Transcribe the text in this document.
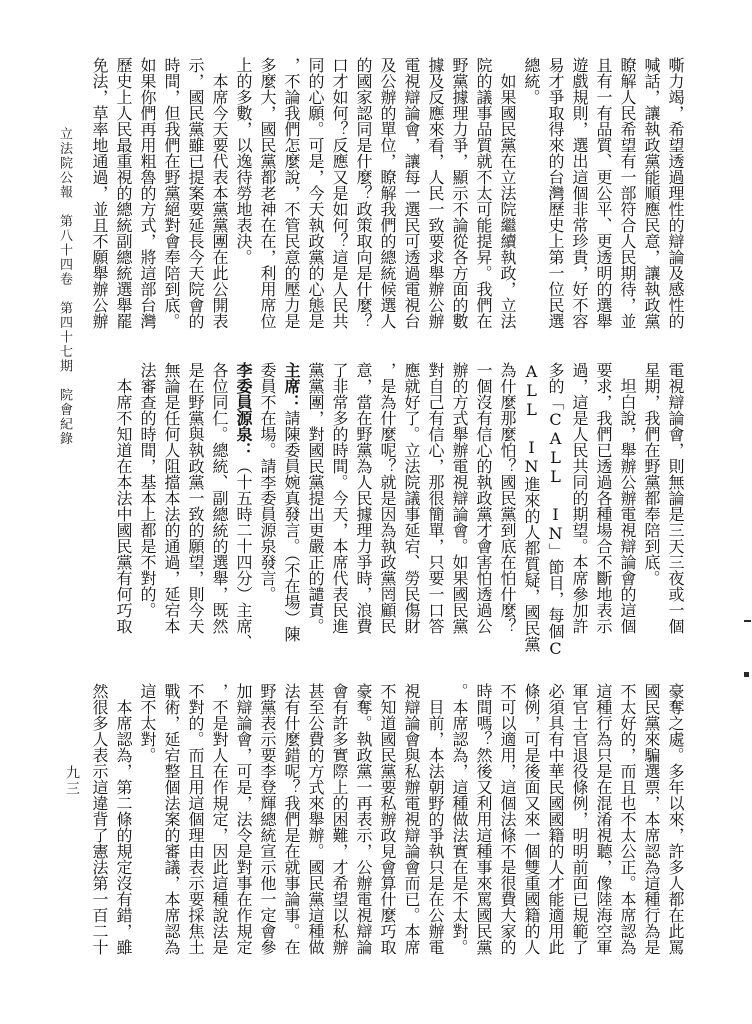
立法院公報　第八十四卷　第四十七期　院會紀錄	嘶力竭，希望透過理性的辯論及感性的
喊話，讓執政黨能順應民意，讓執政黨
瞭解人民希望有一部符合人民期待，並
且有一有品質、更公平、更透明的選舉
遊戲規則，選出這個非常珍貴，好不容
易才爭取得來的台灣歷史上第一位民選
總統。
　如果國民黨在立法院繼續執政，立法
院的議事品質就不太可能提昇。我們在
野黨據理力爭，顯示不論從各方面的數
據及反應來看，人民一致要求舉辦公辦
電視辯論會，讓每一選民可透過電視台
及公辦的單位，瞭解我們的總統候選人
的國家認同是什麼？政策取向是什麼？
口才如何？反應又是如何？這是人民共
同的心願。可是，今天執政黨的心態是
，不論我們怎麼說，不管民意的壓力是
多麼大，國民黨都老神在在，利用席位
上的多數，以逸待勞地表決。
　本席今天要代表本黨黨團在此公開表
示，國民黨雖已提案要延長今天院會的
時間，但我們在野黨絕對會奉陪到底。
如果你們再用粗魯的方式，將這部台灣
歷史上人民最重視的總統副總統選舉罷
免法，草率地通過，並且不願舉辦公辦
電視辯論會，則無論是三天三夜或一個
星期，我們在野黨都奉陪到底。
　坦白說，舉辦公辦電視辯論會的這個
要求，我們已透過各種場合不斷地表示
過，這是人民共同的期望。本席參加許
多的「CALL IN」節目，每個C
ALL IN進來的人都質疑，國民黨
為什麼那麼怕？國民黨到底在怕什麼？
一個沒有信心的執政黨才會害怕透過公
辦的方式舉辦電視辯論會。如果國民黨
對自己有信心，那很簡單，只要一口答
應就好了。立法院議事延宕、勞民傷財
，是為什麼呢？就是因為執政黨罔顧民
意，當在野黨為人民據理力爭時，浪費
了非常多的時間。今天，本席代表民進
黨黨團，對國民黨提出更嚴正的譴責。
主席：請陳委員婉真發言。（不在場）陳
委員不在場。請李委員源泉發言。
李委員源泉：（十五時二十四分）主席、
各位同仁。總統、副總統的選舉，既然
是在野黨與執政黨一致的願望，則今天
無論是任何人阻擋本法的通過，延宕本
法審查的時間，基本上都是不對的。
　本席不知道在本法中國民黨有何巧取
豪奪之處。多年以來，許多人都在此罵
國民黨來騙選票，本席認為這種行為是
不太好的，而且也不太公正。本席認為
這種行為只是在混淆視聽，像陸海空軍
軍官士官退役條例，明明前面已規範了
必須具有中華民國國籍的人才能適用此
條例，可是後面又來一個雙重國籍的人
不可以適用，這個法條不是很費大家的
時間嗎？然後又利用這種事來罵國民黨
。本席認為，這種做法實在是不太對。
　目前，本法朝野的爭執只是在公辦電
視辯論會與私辦電視辯論會而已。本席
不知道國民黨要私辦政見會算什麼巧取
豪奪。執政黨一再表示，公辦電視辯論
會有許多實際上的困難，才希望以私辦
甚至公費的方式來舉辦。國民黨這種做
法有什麼錯呢？我們是在就事論事。在
野黨表示要李登輝總統宣示他一定會參
加辯論會，可是，法令是對事在作規定
，不是對人在作規定，因此這種說法是
不對的。而且用這個理由表示要採焦土
戰術，延宕整個法案的審議，本席認為
這不太對。
　本席認為，第二條的規定沒有錯，雖
然很多人表示這違背了憲法第一百二十
九三
